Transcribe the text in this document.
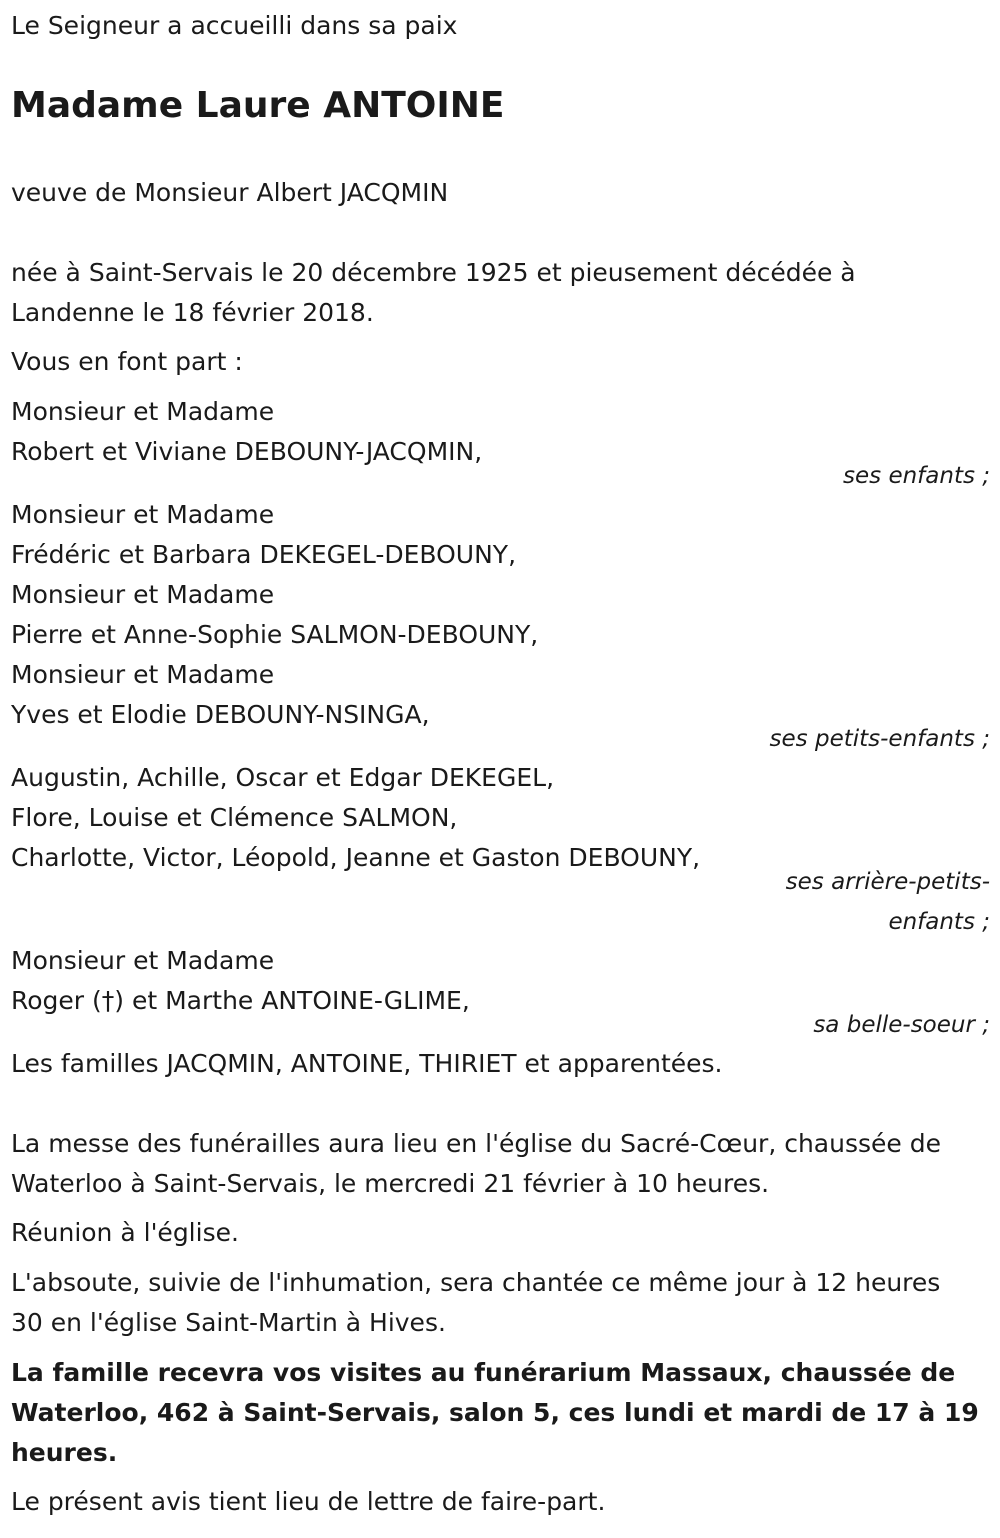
Le Seigneur a accueilli dans sa paix

Madame Laure ANTOINE

veuve de Monsieur Albert JACQMIN

née à Saint-Servais le 20 décembre 1925 et pieusement décédée à

Landenne le 18 février 2018.

Vous en font part :

Monsieur et Madame

Robert et Viviane DEBOUNY-JACQMIN,

ses enfants ;

Monsieur et Madame

Frédéric et Barbara DEKEGEL-DEBOUNY,

Monsieur et Madame

Pierre et Anne-Sophie SALMON-DEBOUNY,

Monsieur et Madame

Yves et Elodie DEBOUNY-NSINGA,

ses petits-enfants ;

Augustin, Achille, Oscar et Edgar DEKEGEL,

Flore, Louise et Clémence SALMON,

Charlotte, Victor, Léopold, Jeanne et Gaston DEBOUNY,

ses arrière-petits-
enfants ;

Monsieur et Madame

Roger (†) et Marthe ANTOINE-GLIME,

sa belle-soeur ;

Les familles JACQMIN, ANTOINE, THIRIET et apparentées.

La messe des funérailles aura lieu en l'église du Sacré-Cœur, chaussée de

Waterloo à Saint-Servais, le mercredi 21 février à 10 heures.

Réunion à l'église.

L'absoute, suivie de l'inhumation, sera chantée ce même jour à 12 heures

30 en l'église Saint-Martin à Hives.

La famille recevra vos visites au funérarium Massaux, chaussée de

Waterloo, 462 à Saint-Servais, salon 5, ces lundi et mardi de 17 à 19

heures.

Le présent avis tient lieu de lettre de faire-part.
